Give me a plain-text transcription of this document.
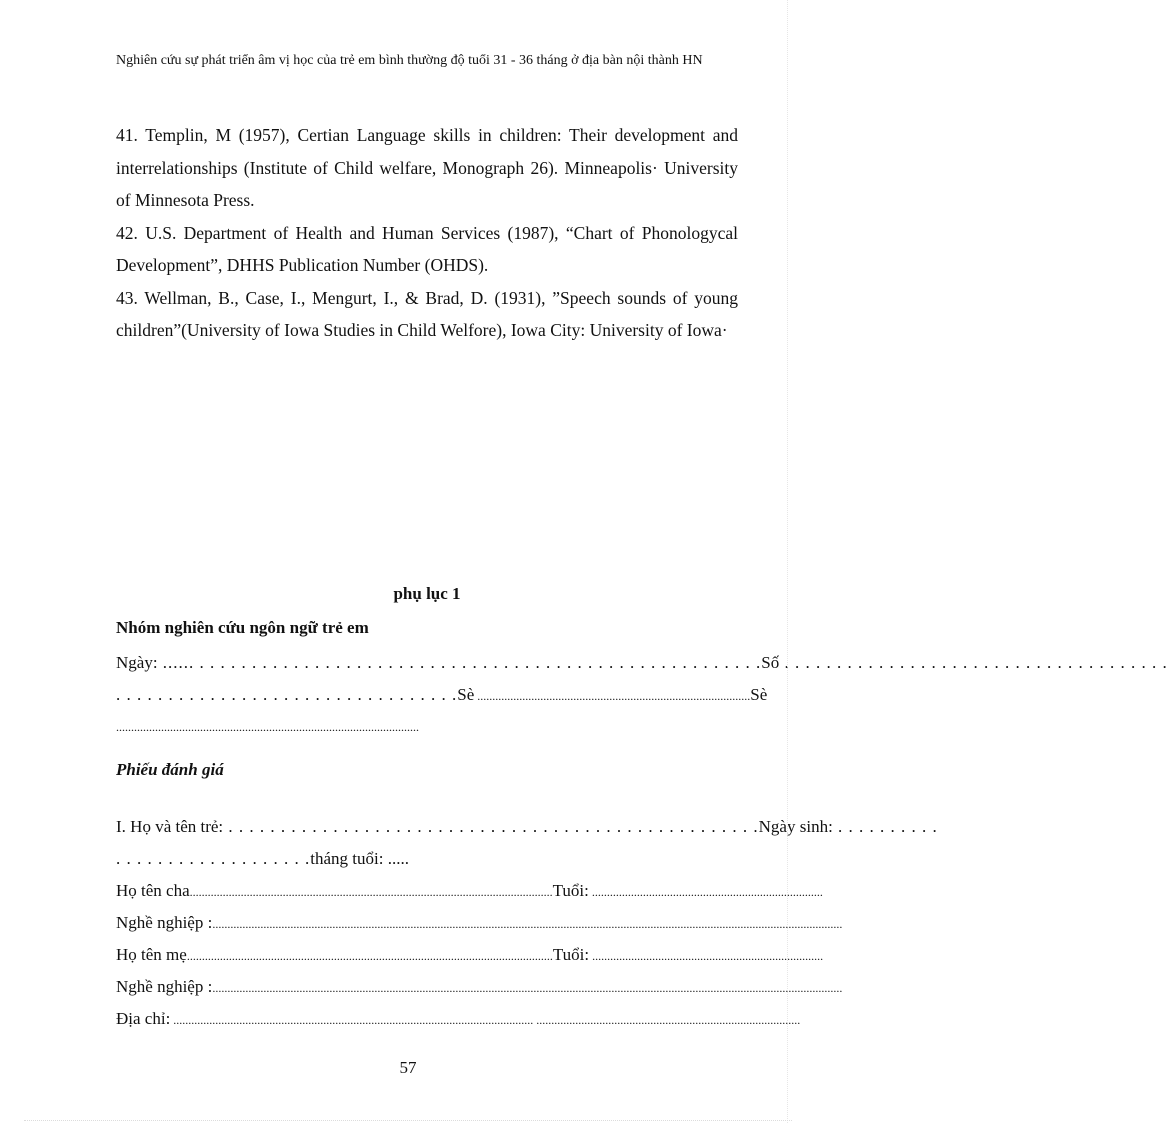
Nghiên cứu sự phát triển âm vị học của trẻ em bình thường độ tuổi 31 - 36 tháng ở địa bàn nội thành HN

41. Templin, M (1957), Certian Language skills in children: Their development and interrelationships (Institute of Child welfare, Monograph 26). Minneapolis· University of Minnesota Press.

42. U.S. Department of Health and Human Services (1987), “Chart of Phonologycal Development”, DHHS Publication Number (OHDS).

43. Wellman, B., Case, I., Mengurt, I., & Brad, D. (1931), ”Speech sounds of young children”(University of Iowa Studies in Child Welfore), Iowa City: University of Iowa·

phụ lục 1
Nhóm nghiên cứu ngôn ngữ trẻ em
Ngày: ...... . . . . . . . . . . . . . . . . . . . . . . . . . . . . . . . . . . . . . . . . . . . . . . . . . . . . . . Số . . . . . . . . . . . . . . . . . . . . . . . . . . . . . . . . . . . . .
. . . . . . . . . . . . . . . . . . . . . . . . . . . . . . . . . Sè ........................................................................................... Sè
.....................................................................................................
Phiếu đánh giá
I. Họ và tên trẻ: . . . . . . . . . . . . . . . . . . . . . . . . . . . . . . . . . . . . . . . . . . . . . . . . . . . Ngày sinh: . . . . . . . . . .
. . . . . . . . . . . . . . . . . . . tháng tuổi: .....
Họ tên cha ......................................................................................................................... Tuổi: .............................................................................
Nghề nghiệp : ..................................................................................................................................................................................................................
Họ tên mẹ .......................................................................................................................... Tuổi: .............................................................................
Nghề nghiệp : ..................................................................................................................................................................................................................
Địa chỉ: ........................................................................................................................ ........................................................................................
57
